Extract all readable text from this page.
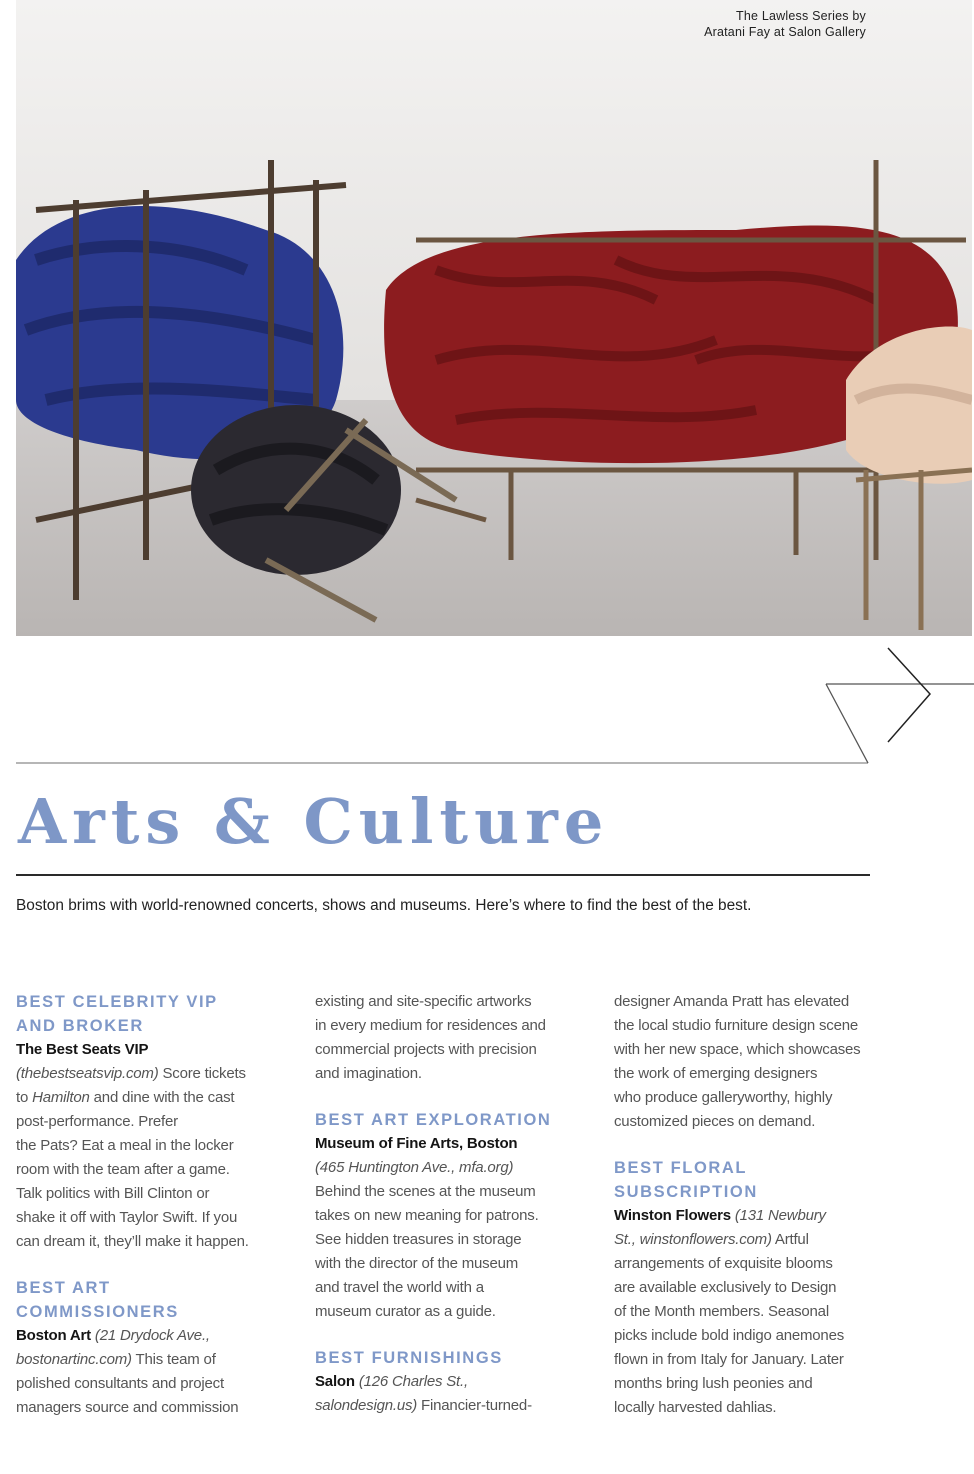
The Lawless Series by
Aratani Fay at Salon Gallery
Arts & Culture

Boston brims with world-renowned concerts, shows and museums. Here’s where to find the best of the best.

BEST CELEBRITY VIP
AND BROKER

The Best Seats VIP

(thebestseatsvip.com) Score tickets
to Hamilton and dine with the cast
post-performance. Prefer
the Pats? Eat a meal in the locker
room with the team after a game.
Talk politics with Bill Clinton or
shake it off with Taylor Swift. If you
can dream it, they’ll make it happen.

BEST ART
COMMISSIONERS

Boston Art (21 Drydock Ave.,
bostonartinc.com) This team of
polished consultants and project
managers source and commission

existing and site-specific artworks
in every medium for residences and
commercial projects with precision
and imagination.

BEST ART EXPLORATION

Museum of Fine Arts, Boston

(465 Huntington Ave., mfa.org)
Behind the scenes at the museum
takes on new meaning for patrons.
See hidden treasures in storage
with the director of the museum
and travel the world with a
museum curator as a guide.

BEST FURNISHINGS

Salon (126 Charles St.,
salondesign.us) Financier-turned-

designer Amanda Pratt has elevated
the local studio furniture design scene
with her new space, which showcases
the work of emerging designers
who produce galleryworthy, highly
customized pieces on demand.

BEST FLORAL
SUBSCRIPTION

Winston Flowers (131 Newbury
St., winstonflowers.com) Artful
arrangements of exquisite blooms
are available exclusively to Design
of the Month members. Seasonal
picks include bold indigo anemones
flown in from Italy for January. Later
months bring lush peonies and
locally harvested dahlias.
